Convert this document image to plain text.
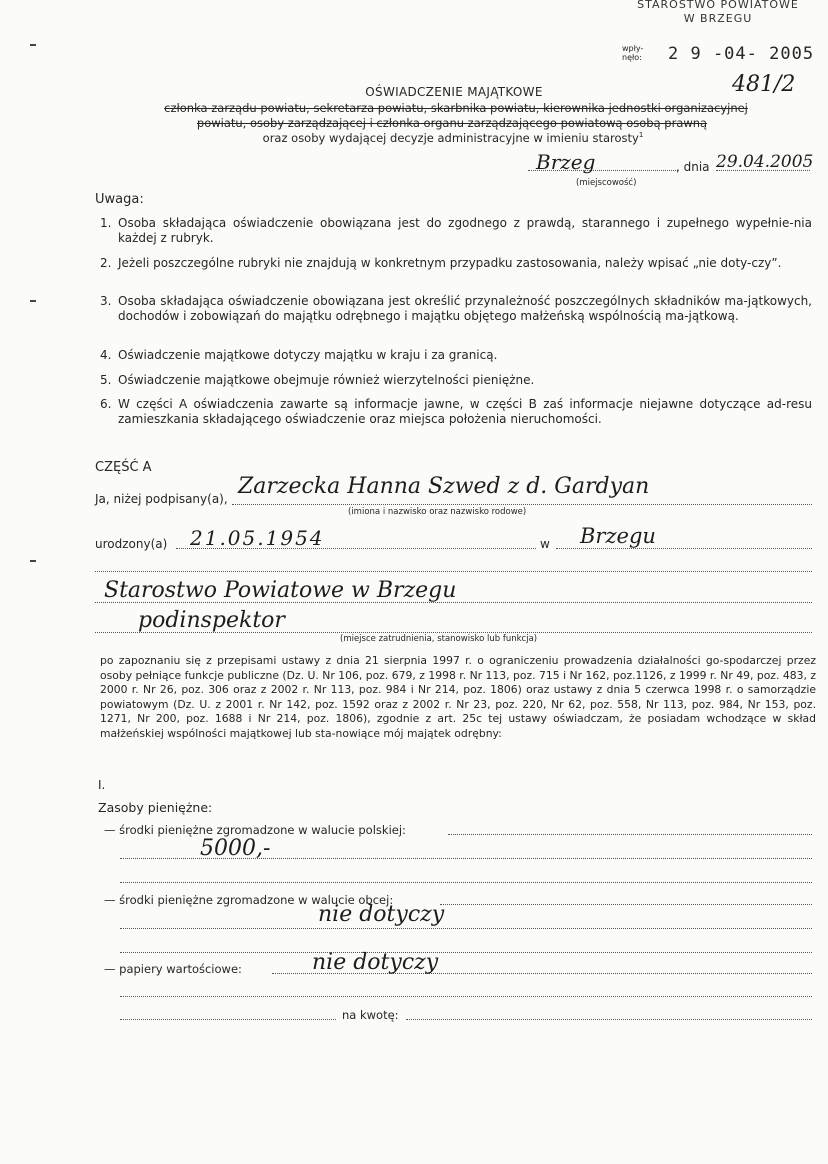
STAROSTWO POWIATOWE
W BRZEGU
wpły-
nęło: 2 9 -04- 2005
481/2
OŚWIADCZENIE MAJĄTKOWE
członka zarządu powiatu, sekretarza powiatu, skarbnika powiatu, kierownika jednostki organizacyjnej
powiatu, osoby zarządzającej i członka organu zarządzającego powiatową osobą prawną
oraz osoby wydającej decyzje administracyjne w imieniu starosty$^1$
Brzeg	, dnia 29.04.2005
(miejscowość)
Uwaga:
1. Osoba składająca oświadczenie obowiązana jest do zgodnego z prawdą, starannego i zupełnego wypełnie-nia każdej z rubryk.
2. Jeżeli poszczególne rubryki nie znajdują w konkretnym przypadku zastosowania, należy wpisać „nie doty-czy”.
3. Osoba składająca oświadczenie obowiązana jest określić przynależność poszczególnych składników ma-jątkowych, dochodów i zobowiązań do majątku odrębnego i majątku objętego małżeńską wspólnością ma-jątkową.
4. Oświadczenie majątkowe dotyczy majątku w kraju i za granicą.
5. Oświadczenie majątkowe obejmuje również wierzytelności pieniężne.
6. W części A oświadczenia zawarte są informacje jawne, w części B zaś informacje niejawne dotyczące ad-resu zamieszkania składającego oświadczenie oraz miejsca położenia nieruchomości.
CZĘŚĆ A
Ja, niżej podpisany(a), Zarzecka Hanna Szwed z d. Gardyan
(imiona i nazwisko oraz nazwisko rodowe)
urodzony(a) 21.05.1954	w Brzegu
Starostwo Powiatowe w Brzegu
podinspektor
(miejsce zatrudnienia, stanowisko lub funkcja)
po zapoznaniu się z przepisami ustawy z dnia 21 sierpnia 1997 r. o ograniczeniu prowadzenia działalności go-spodarczej przez osoby pełniące funkcje publiczne (Dz. U. Nr 106, poz. 679, z 1998 r. Nr 113, poz. 715 i Nr 162, poz.1126, z 1999 r. Nr 49, poz. 483, z 2000 r. Nr 26, poz. 306 oraz z 2002 r. Nr 113, poz. 984 i Nr 214, poz. 1806) oraz ustawy z dnia 5 czerwca 1998 r. o samorządzie powiatowym (Dz. U. z 2001 r. Nr 142, poz. 1592 oraz z 2002 r. Nr 23, poz. 220, Nr 62, poz. 558, Nr 113, poz. 984, Nr 153, poz. 1271, Nr 200, poz. 1688 i Nr 214, poz. 1806), zgodnie z art. 25c tej ustawy oświadczam, że posiadam wchodzące w skład małżeńskiej wspólności majątkowej lub sta-nowiące mój majątek odrębny:
I.
Zasoby pieniężne:
— środki pieniężne zgromadzone w walucie polskiej:
5000,-
— środki pieniężne zgromadzone w walucie obcej:
nie dotyczy
— papiery wartościowe:	nie dotyczy
na kwotę:
